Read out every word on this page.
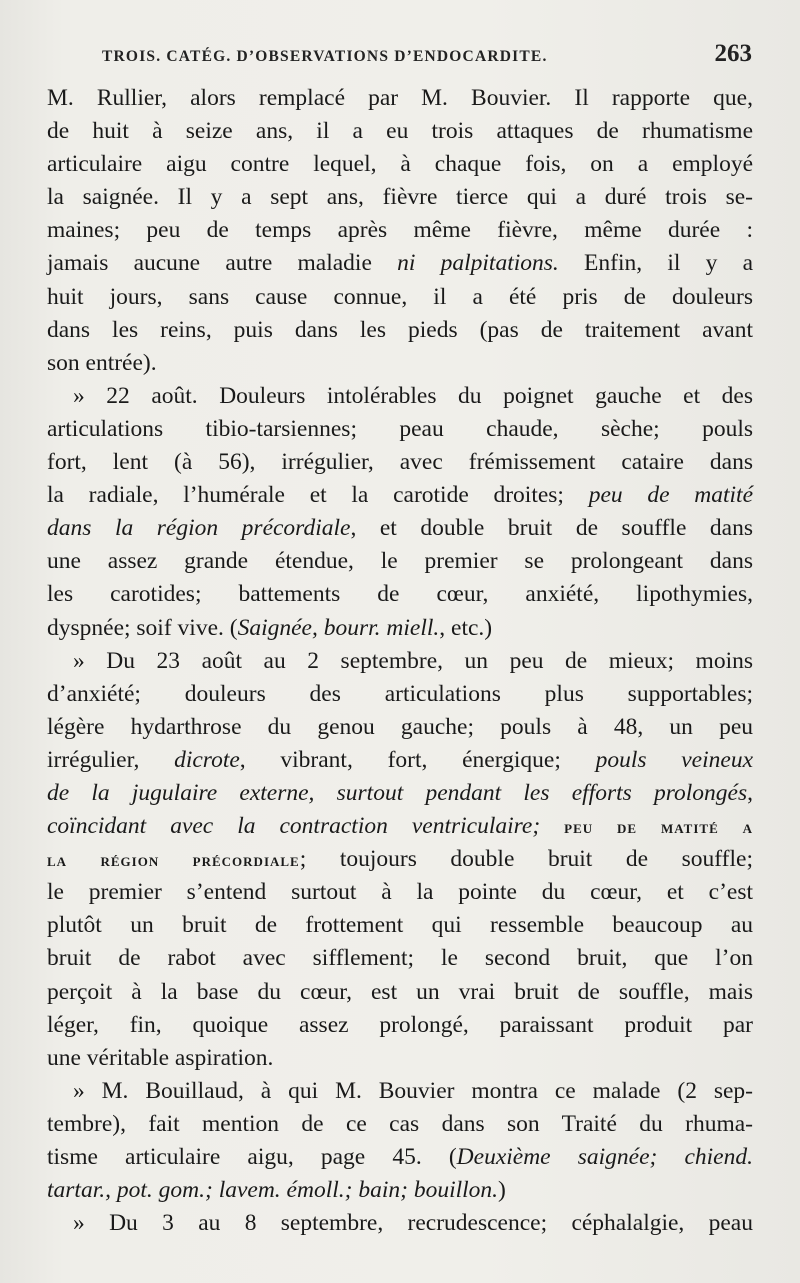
TROIS. CATÉG. D’OBSERVATIONS D’ENDOCARDITE.	263
M. Rullier, alors remplacé par M. Bouvier. Il rapporte que,
de huit à seize ans, il a eu trois attaques de rhumatisme
articulaire aigu contre lequel, à chaque fois, on a employé
la saignée. Il y a sept ans, fièvre tierce qui a duré trois se-
maines; peu de temps après même fièvre, même durée :
jamais aucune autre maladie ni palpitations. Enfin, il y a
huit jours, sans cause connue, il a été pris de douleurs
dans les reins, puis dans les pieds (pas de traitement avant
son entrée).
» 22 août. Douleurs intolérables du poignet gauche et des
articulations tibio-tarsiennes; peau chaude, sèche; pouls
fort, lent (à 56), irrégulier, avec frémissement cataire dans
la radiale, l’humérale et la carotide droites; peu de matité
dans la région précordiale, et double bruit de souffle dans
une assez grande étendue, le premier se prolongeant dans
les carotides; battements de cœur, anxiété, lipothymies,
dyspnée; soif vive. (Saignée, bourr. miell., etc.)
» Du 23 août au 2 septembre, un peu de mieux; moins
d’anxiété; douleurs des articulations plus supportables;
légère hydarthrose du genou gauche; pouls à 48, un peu
irrégulier, dicrote, vibrant, fort, énergique; pouls veineux
de la jugulaire externe, surtout pendant les efforts prolongés,
coïncidant avec la contraction ventriculaire; peu de matité a
la région précordiale; toujours double bruit de souffle;
le premier s’entend surtout à la pointe du cœur, et c’est
plutôt un bruit de frottement qui ressemble beaucoup au
bruit de rabot avec sifflement; le second bruit, que l’on
perçoit à la base du cœur, est un vrai bruit de souffle, mais
léger, fin, quoique assez prolongé, paraissant produit par
une véritable aspiration.
» M. Bouillaud, à qui M. Bouvier montra ce malade (2 sep-
tembre), fait mention de ce cas dans son Traité du rhuma-
tisme articulaire aigu, page 45. (Deuxième saignée; chiend.
tartar., pot. gom.; lavem. émoll.; bain; bouillon.)
» Du 3 au 8 septembre, recrudescence; céphalalgie, peau
